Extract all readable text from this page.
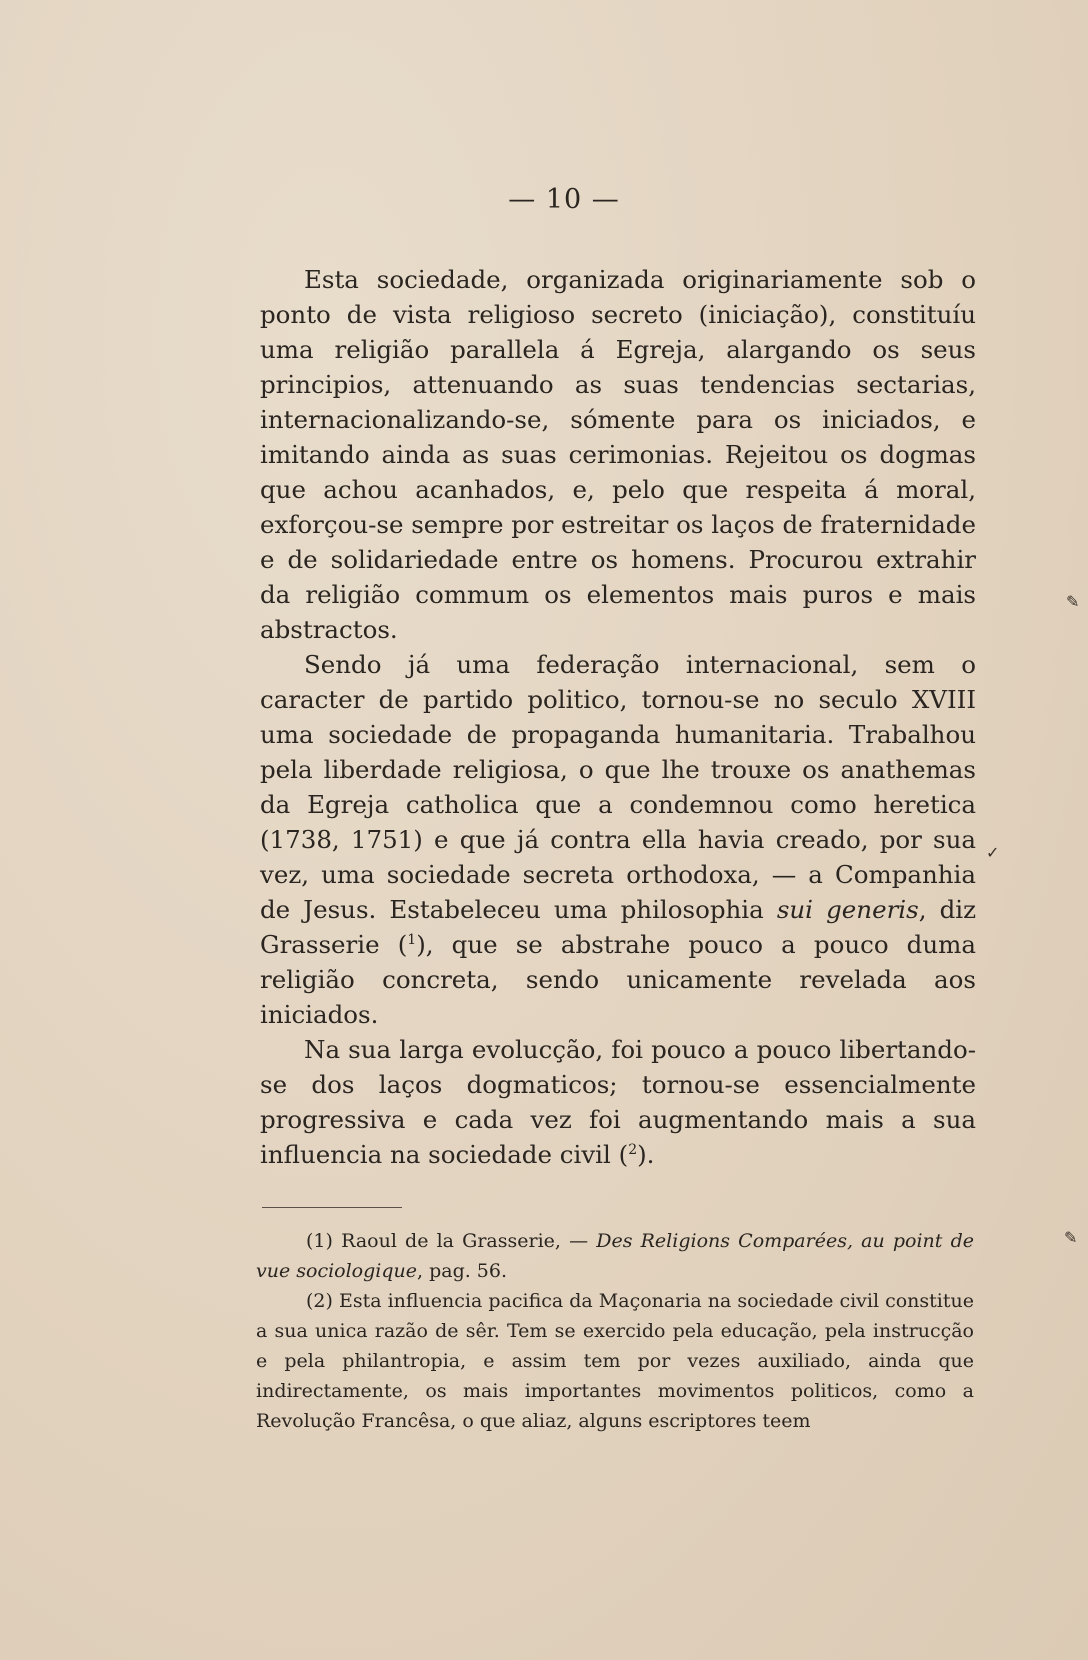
— 10 —

Esta sociedade, organizada originariamente sob o ponto de vista religioso secreto (iniciação), constituíu uma religião parallela á Egreja, alargando os seus principios, attenuando as suas tendencias sectarias, internacionalizando-se, sómente para os iniciados, e imitando ainda as suas cerimonias. Rejeitou os dogmas que achou acanhados, e, pelo que respeita á moral, exforçou-se sempre por estreitar os laços de fraternidade e de solidariedade entre os homens. Procurou extrahir da religião commum os elementos mais puros e mais abstractos.

Sendo já uma federação internacional, sem o caracter de partido politico, tornou-se no seculo XVIII uma sociedade de propaganda humanitaria. Trabalhou pela liberdade religiosa, o que lhe trouxe os anathemas da Egreja catholica que a condemnou como heretica (1738, 1751) e que já contra ella havia creado, por sua vez, uma sociedade secreta orthodoxa, — a Companhia de Jesus. Estabeleceu uma philosophia sui generis, diz Grasserie ($^1$), que se abstrahe pouco a pouco duma religião concreta, sendo unicamente revelada aos iniciados.

Na sua larga evolucção, foi pouco a pouco libertando-se dos laços dogmaticos; tornou-se essencialmente progressiva e cada vez foi augmentando mais a sua influencia na sociedade civil ($^2$).

(1) Raoul de la Grasserie, — Des Religions Comparées, au point de vue sociologique, pag. 56.

(2) Esta influencia pacifica da Maçonaria na sociedade civil constitue a sua unica razão de sêr. Tem se exercido pela educação, pela instrucção e pela philantropia, e assim tem por vezes auxiliado, ainda que indirectamente, os mais importantes movimentos politicos, como a Revolução Francêsa, o que aliaz, alguns escriptores teem

✎
✓
✎
